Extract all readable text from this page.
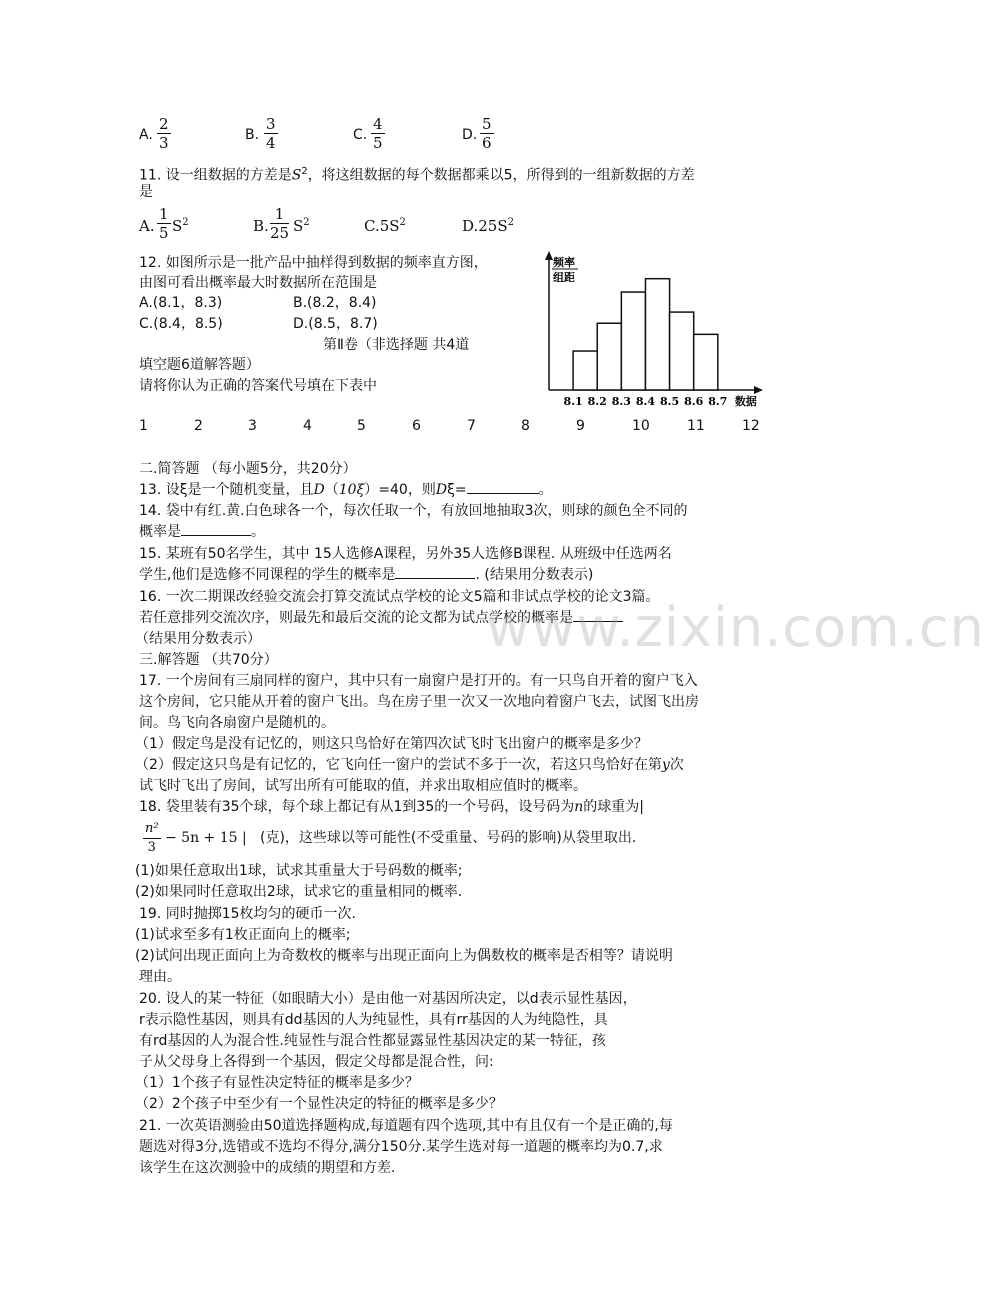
A. $\frac{2}{3}$	B. $\frac{3}{4}$	C. $\frac{4}{5}$	D. $\frac{5}{6}$
11. 设一组数据的方差是$S^2$，将这组数据的每个数据都乘以5，所得到的一组新数据的方差
是
A. $\frac{1}{5} S^2$	B. $\frac{1}{25} S^2$	$C.5S^2$	$D.25S^2$
12. 如图所示是一批产品中抽样得到数据的频率直方图，
由图可看出概率最大时数据所在范围是
A.(8.1，8.3)	B.(8.2，8.4)
C.(8.4，8.5)	D.(8.5，8.7)
第Ⅱ卷（非选择题 共4道
填空题6道解答题）
请将你认为正确的答案代号填在下表中
频率
组距
8.1 8.2 8.3 8.4 8.5 8.6 8.7 数据
1	2	3	4	5	6	7	8	9	10	11	12
二.简答题 （每小题5分，共20分）
13. 设ξ是一个随机变量，且D（10ξ）=40，则Dξ=	。
14. 袋中有红.黄.白色球各一个，每次任取一个，有放回地抽取3次，则球的颜色全不同的
概率是	。
15. 某班有50名学生，其中 15人选修A课程，另外35人选修B课程. 从班级中任选两名
学生,他们是选修不同课程的学生的概率是	. (结果用分数表示)
16. 一次二期课改经验交流会打算交流试点学校的论文5篇和非试点学校的论文3篇。
若任意排列交流次序，则最先和最后交流的论文都为试点学校的概率是
（结果用分数表示）	www.zixin.com.cn
三.解答题 （共70分）
17. 一个房间有三扇同样的窗户，其中只有一扇窗户是打开的。有一只鸟自开着的窗户飞入
这个房间，它只能从开着的窗户飞出。鸟在房子里一次又一次地向着窗户飞去，试图飞出房
间。鸟飞向各扇窗户是随机的。
（1）假定鸟是没有记忆的，则这只鸟恰好在第四次试飞时飞出窗户的概率是多少？
（2）假定这只鸟是有记忆的，它飞向任一窗户的尝试不多于一次，若这只鸟恰好在第y次
试飞时飞出了房间，试写出所有可能取的值，并求出取相应值时的概率。
18. 袋里装有35个球，每个球上都记有从1到35的一个号码，设号码为n的球重为|
$\frac{\text{n²}}{3} - 5n + 15$ | (克)，这些球以等可能性(不受重量、号码的影响)从袋里取出.
(1)如果任意取出1球，试求其重量大于号码数的概率;
(2)如果同时任意取出2球，试求它的重量相同的概率.
19. 同时抛掷15枚均匀的硬币一次.
(1)试求至多有1枚正面向上的概率;
(2)试问出现正面向上为奇数枚的概率与出现正面向上为偶数枚的概率是否相等？请说明
理由。
20. 设人的某一特征（如眼睛大小）是由他一对基因所决定，以d表示显性基因，
r表示隐性基因，则具有dd基因的人为纯显性，具有rr基因的人为纯隐性，具
有rd基因的人为混合性.纯显性与混合性都显露显性基因决定的某一特征，孩
子从父母身上各得到一个基因，假定父母都是混合性，问:
（1）1个孩子有显性决定特征的概率是多少？
（2）2个孩子中至少有一个显性决定的特征的概率是多少？
21. 一次英语测验由50道选择题构成,每道题有四个选项,其中有且仅有一个是正确的,每
题选对得3分,选错或不选均不得分,满分150分.某学生选对每一道题的概率均为0.7,求
该学生在这次测验中的成绩的期望和方差.
